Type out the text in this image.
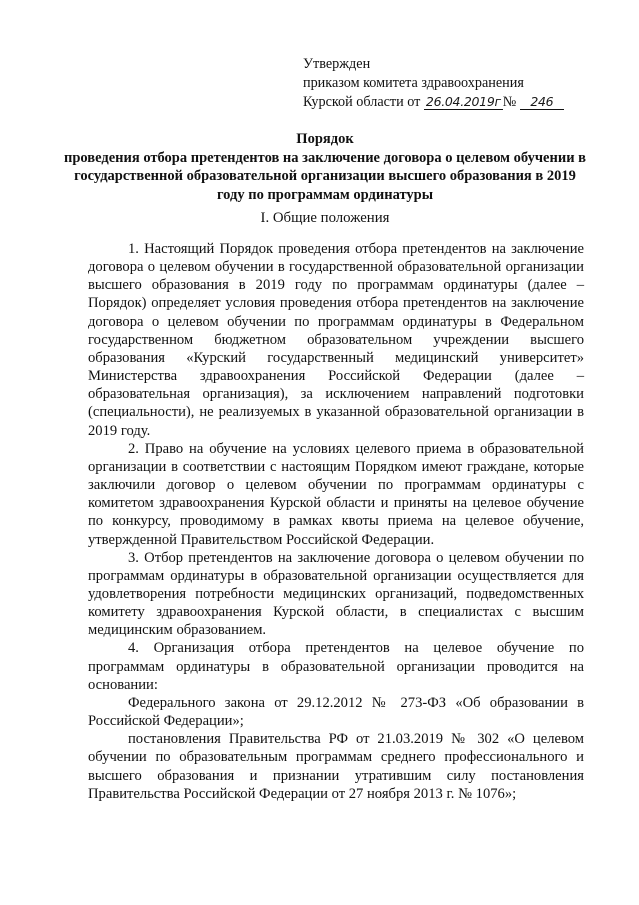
Утвержден
приказом комитета здравоохранения
Курской области от 26.04.2019г № 246
Порядок
проведения отбора претендентов на заключение договора о целевом обучении в государственной образовательной организации высшего образования в 2019 году по программам ординатуры
I. Общие положения

1. Настоящий Порядок проведения отбора претендентов на заключение договора о целевом обучении в государственной образовательной организации высшего образования в 2019 году по программам ординатуры (далее – Порядок) определяет условия проведения отбора претендентов на заключение договора о целевом обучении по программам ординатуры в Федеральном государственном бюджетном образовательном учреждении высшего образования «Курский государственный медицинский университет» Министерства здравоохранения Российской Федерации (далее – образовательная организация), за исключением направлений подготовки (специальности), не реализуемых в указанной образовательной организации в 2019 году.

2. Право на обучение на условиях целевого приема в образовательной организации в соответствии с настоящим Порядком имеют граждане, которые заключили договор о целевом обучении по программам ординатуры с комитетом здравоохранения Курской области и приняты на целевое обучение по конкурсу, проводимому в рамках квоты приема на целевое обучение, утвержденной Правительством Российской Федерации.

3. Отбор претендентов на заключение договора о целевом обучении по программам ординатуры в образовательной организации осуществляется для удовлетворения потребности медицинских организаций, подведомственных комитету здравоохранения Курской области, в специалистах с высшим медицинским образованием.

4. Организация отбора претендентов на целевое обучение по программам ординатуры в образовательной организации проводится на основании:

Федерального закона от 29.12.2012 № 273-ФЗ «Об образовании в Российской Федерации»;

постановления Правительства РФ от 21.03.2019 № 302 «О целевом обучении по образовательным программам среднего профессионального и высшего образования и признании утратившим силу постановления Правительства Российской Федерации от 27 ноября 2013 г. № 1076»;
